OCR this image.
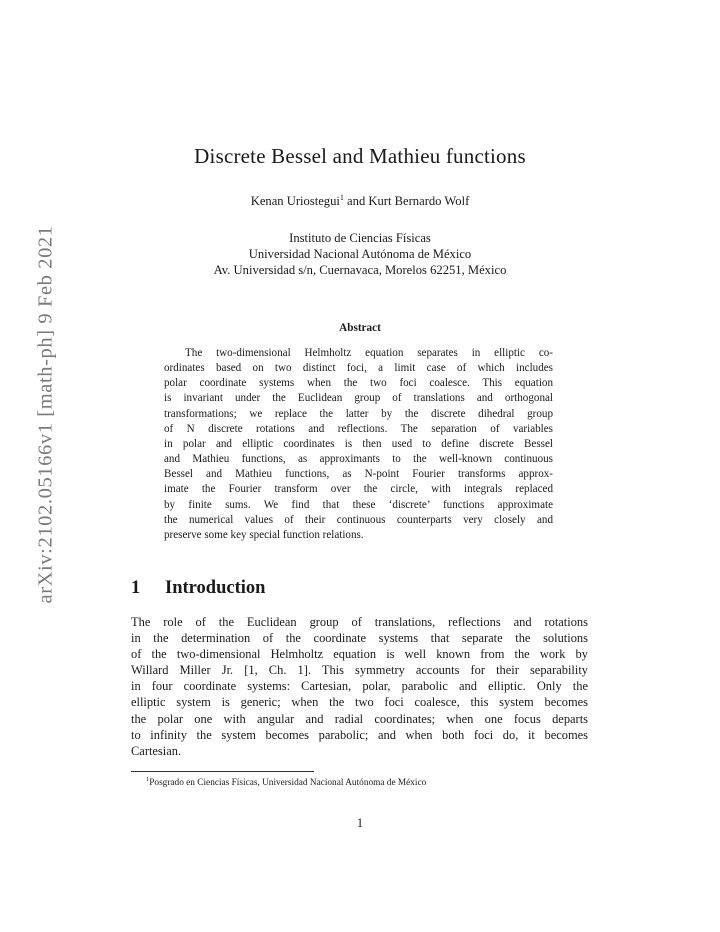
arXiv:2102.05166v1 [math-ph] 9 Feb 2021
Discrete Bessel and Mathieu functions
Kenan Uriostegui$^1$ and Kurt Bernardo Wolf
Instituto de Ciencias Físicas
Universidad Nacional Autónoma de México
Av. Universidad s/n, Cuernavaca, Morelos 62251, México
Abstract
The two-dimensional Helmholtz equation separates in elliptic co-
ordinates based on two distinct foci, a limit case of which includes
polar coordinate systems when the two foci coalesce. This equation
is invariant under the Euclidean group of translations and orthogonal
transformations; we replace the latter by the discrete dihedral group
of N discrete rotations and reflections. The separation of variables
in polar and elliptic coordinates is then used to define discrete Bessel
and Mathieu functions, as approximants to the well-known continuous
Bessel and Mathieu functions, as N-point Fourier transforms approx-
imate the Fourier transform over the circle, with integrals replaced
by finite sums. We find that these ‘discrete’ functions approximate
the numerical values of their continuous counterparts very closely and
preserve some key special function relations.
1 Introduction
The role of the Euclidean group of translations, reflections and rotations
in the determination of the coordinate systems that separate the solutions
of the two-dimensional Helmholtz equation is well known from the work by
Willard Miller Jr. [1, Ch. 1]. This symmetry accounts for their separability
in four coordinate systems: Cartesian, polar, parabolic and elliptic. Only the
elliptic system is generic; when the two foci coalesce, this system becomes
the polar one with angular and radial coordinates; when one focus departs
to infinity the system becomes parabolic; and when both foci do, it becomes
Cartesian.
$^1$Posgrado en Ciencias Físicas, Universidad Nacional Autónoma de México
1
